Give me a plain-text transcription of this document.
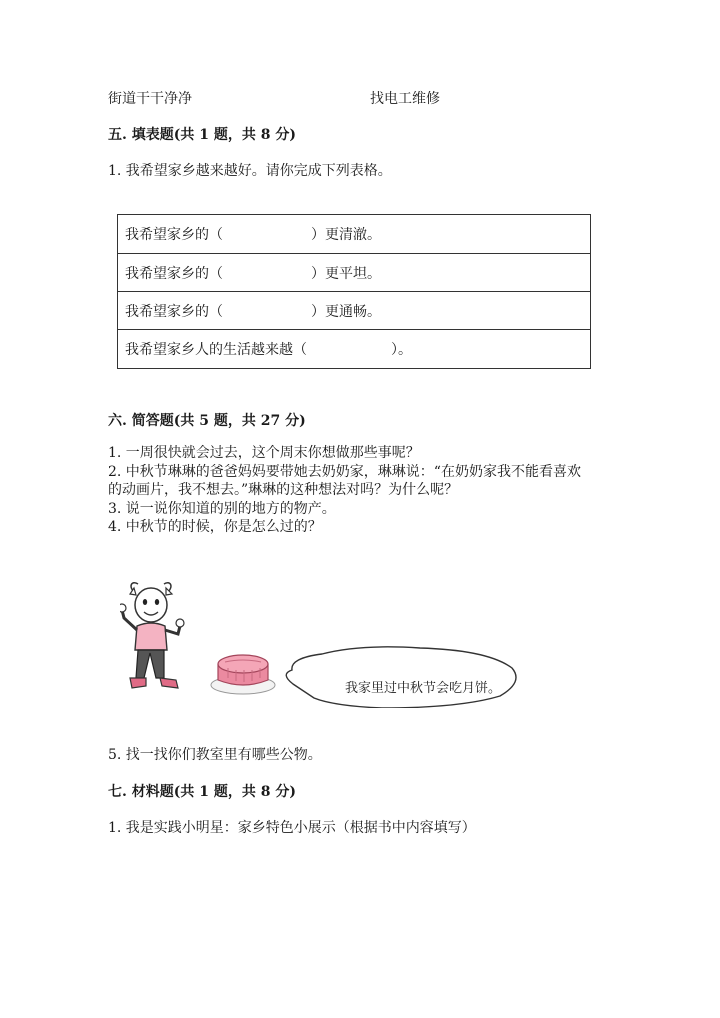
街道干干净净	找电工维修
五. 填表题(共 1 题，共 8 分)
1. 我希望家乡越来越好。请你完成下列表格。
我希望家乡的（	）更清澈。
我希望家乡的（	）更平坦。
我希望家乡的（	）更通畅。
我希望家乡人的生活越来越（	）。
六. 简答题(共 5 题，共 27 分)
1. 一周很快就会过去，这个周末你想做那些事呢？
2. 中秋节琳琳的爸爸妈妈要带她去奶奶家，琳琳说：“在奶奶家我不能看喜欢
的动画片，我不想去。”琳琳的这种想法对吗？为什么呢？
3. 说一说你知道的别的地方的物产。
4. 中秋节的时候，你是怎么过的？
我家里过中秋节会吃月饼。
5. 找一找你们教室里有哪些公物。
七. 材料题(共 1 题，共 8 分)
1. 我是实践小明星：家乡特色小展示（根据书中内容填写）
